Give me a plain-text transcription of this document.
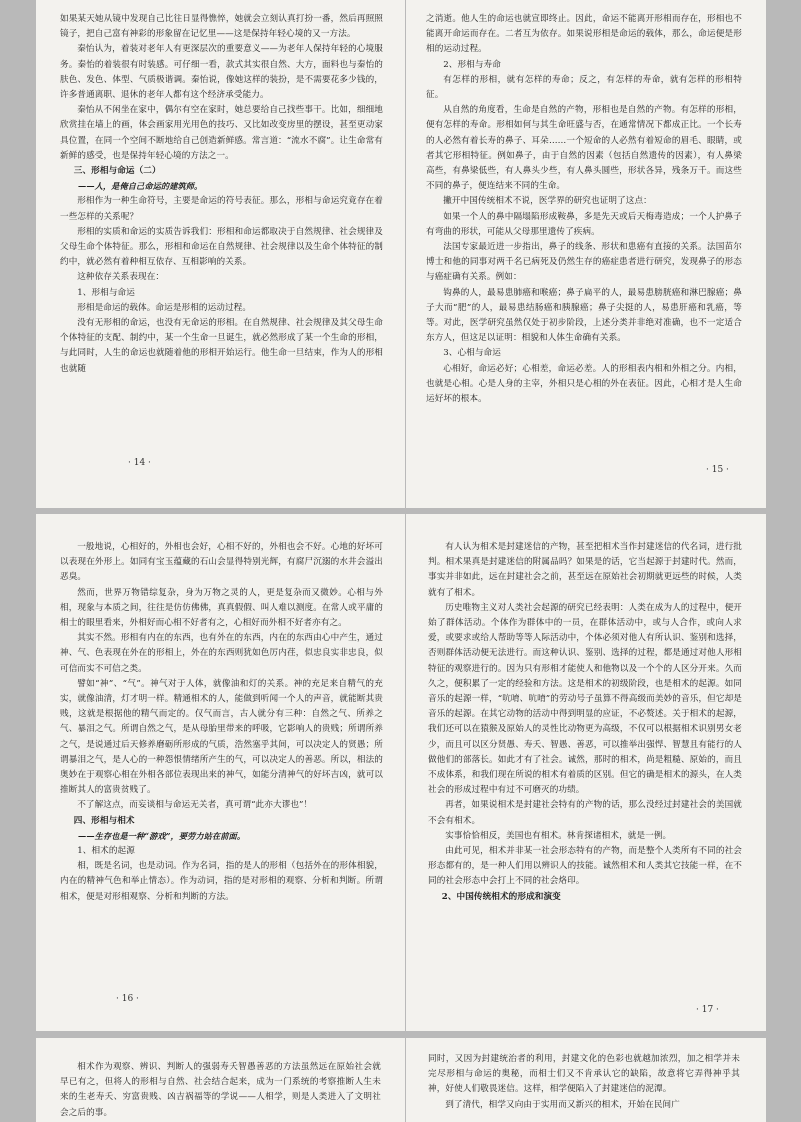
如果某天她从镜中发现自己比往日显得憔悴，她就会立刻认真打扮一番，然后再照照镜子，把自己富有神彩的形象留在记忆里——这是保持年轻心境的又一方法。

秦怡认为，着装对老年人有更深层次的重要意义——为老年人保持年轻的心境服务。秦怡的着装很有时装感。可仔细一看，款式其实很自然、大方，面料也与秦怡的肤色、发色、体型、气质极谐调。秦怡说，像她这样的装扮，是不需要花多少钱的，许多普通离职、退休的老年人都有这个经济承受能力。

秦怡从不闲坐在家中，偶尔有空在家时，她总要给自己找些事干。比如，细细地欣赏挂在墙上的画，体会画家用光用色的技巧、又比如改变房里的摆设，甚至更动家具位置，在同一个空间不断地给自己创造新鲜感。常言道：“流水不腐”。让生命常有新鲜的感受，也是保持年轻心境的方法之一。

三、形相与命运（二）

——人，是俺自己命运的建筑师。

形相作为一种生命符号，主要是命运的符号表征。那么，形相与命运究竟存在着一些怎样的关系呢？

形相的实质和命运的实质告诉我们：形相和命运都取决于自然规律、社会规律及父母生命个体特征。那么，形相和命运在自然规律、社会规律以及生命个体特征的制约中，就必然有着种相互依存、互相影响的关系。

这种依存关系表现在：

1、形相与命运

形相是命运的载体。命运是形相的运动过程。

没有无形相的命运，也没有无命运的形相。在自然规律、社会规律及其父母生命个体特征的支配、制约中，某一个生命一旦诞生，就必然形成了某一个生命的形相，与此同时，人生的命运也就随着他的形相开始运行。他生命一旦结束，作为人的形相也就随

· 14 ·

之消逝。他人生的命运也就宣即终止。因此，命运不能离开形相而存在，形相也不能离开命运而存在。二者互为依存。如果说形相是命运的载体，那么，命运便是形相的运动过程。

2、形相与寿命

有怎样的形相，就有怎样的寿命；反之，有怎样的寿命，就有怎样的形相特征。

从自然的角度看，生命是自然的产物，形相也是自然的产物。有怎样的形相，便有怎样的寿命。形相如何与其生命旺盛与否，在通常情况下都成正比。一个长寿的人必然有着长寿的鼻子、耳朵……一个短命的人必然有着短命的眉毛、眼睛，或者其它形相特征。例如鼻子，由于自然的因素（包括自然遗传的因素），有人鼻梁高些，有鼻梁低些，有人鼻头少些，有人鼻头圆些，形状各异，残条万千。而这些不同的鼻子，便连结来不同的生命。

撇开中国传统相术不说，医学界的研究也证明了这点：

如果一个人的鼻中隔塌陷形成鞍鼻，多是先天或后天梅毒造成；一个人护鼻子有弯曲的形状，可能从父母那里遗传了疾病。

法国专家最近进一步指出，鼻子的线条、形状和患癌有直接的关系。法国苗尔博士和他的同事对两千名已病死及仍然生存的癌症患者进行研究，发现鼻子的形态与癌症确有关系。例如：

钩鼻的人，最易患肺癌和喉癌；鼻子扁平的人，最易患膀胱癌和淋巴腺癌；鼻子大而“肥”的人，最易患结肠癌和胰腺癌；鼻子尖挺的人，易患肝癌和乳癌，等等。对此，医学研究虽然仅处于初步阶段，上述分类并非绝对准确，也不一定适合东方人，但这足以证明：相貌和人体生命确有关系。

3、心相与命运

心相好，命运必好；心相差，命运必差。人的形相表内相和外相之分。内相，也就是心相。心是人身的主宰，外相只是心相的外在表征。因此，心相才是人生命运好坏的根本。

· 15 ·

一般地说，心相好的，外相也会好，心相不好的，外相也会不好。心地的好坏可以表现在外形上。如同有宝玉蕴藏的石山会显得特别光辉，有腐尸沉溺的水井会溢出恶臭。

然而，世界万物错综复杂，身为万物之灵的人，更是复杂而又微妙。心相与外相，现象与本质之间，往往是仿仿佛佛，真真假假、叫人难以测度。在常人或平庸的相士的眼里看来，外相好而心相不好者有之，心相好而外相不好者亦有之。

其实不然。形相有内在的东西，也有外在的东西，内在的东西由心中产生，通过神、气、色表现在外在的形相上，外在的东西则犹如色厉内荏，似忠良实非忠良，似可信而实不可信之类。

譬如“神”、“气”。神气对于人体，就像油和灯的关系。神的充足来自精气的充实，就像油清，灯才明一样。精通相术的人，能做到听闻一个人的声音，就能断其贵贱，这就是根据他的精气而定的。仅气而言，古人就分有三种：自然之气、所养之气、暴泪之气。所谓自然之气，是从母胎里带来的呼吸，它影响人的贵贱；所谓所养之气，是说通过后天修养磨砺所形成的气质，浩然塞乎其间，可以决定人的贤愚；所谓暴泪之气，是人心的一种怨恨情绪所产生的气，可以决定人的善恶。所以，相法的奥妙在于观察心相在外相各部位表现出来的神气，如能分清神气的好坏吉凶，就可以推断其人的富贵贫贱了。

不了解这点，而妄谈相与命运无关者，真可谓“此亦大谬也”！

四、形相与相术

——生存也是一种“游戏”，要劳力站在前面。

1、相术的起源

相，既是名词，也是动词。作为名词，指的是人的形相（包括外在的形体相貌，内在的精神气色和举止情态）。作为动词，指的是对形相的观察、分析和判断。所谓相术，便是对形相观察、分析和判断的方法。

· 16 ·

有人认为相术是封建迷信的产物，甚至把相术当作封建迷信的代名词，进行批判。相术果真是封建迷信的附属品吗？如果是的话，它当起源于封建时代。然而，事实并非如此，远在封建社会之前，甚至远在原始社会初期就更远些的时候，人类就有了相术。

历史唯物主义对人类社会起源的研究已经表明：人类在成为人的过程中，便开始了群体活动。个体作为群体中的一员，在群体活动中，或与人合作，或向人求爱，或要求或给人帮助等等人际活动中，个体必须对他人有所认识、鉴别和选择，否则群体活动便无法进行。而这种认识、鉴别、选择的过程，都是通过对他人形相特征的观察进行的。因为只有形相才能使人和他物以及一个个的人区分开来。久而久之，便积累了一定的经验和方法。这是相术的初级阶段，也是相术的起源。如同音乐的起源一样，“吭唷、吭唷”的劳动号子虽算不得高级而美妙的音乐，但它却是音乐的起源。在其它动物的活动中得到明显的应证，不必赘述。关于相术的起源，我们还可以在猿猴及原始人的灵性比动物更为高级，不仅可以根据相术识别男女老少，而且可以区分贤愚、寿夭、智愚、善恶，可以推举出强悍、智慧且有能行的人做他们的部落长。如此才有了社会。诚然，那时的相术，尚是粗糙、原始的，而且不成体系，和我们现在所说的相术有着质的区别。但它的确是相术的源头，在人类社会的形成过程中有过不可磨灭的功绩。

再者，如果说相术是封建社会特有的产物的话，那么没经过封建社会的美国就不会有相术。

实事恰恰相反，美国也有相术。林肯探诸相术，就是一例。

由此可见，相术并非某一社会形态特有的产物，而是整个人类所有不同的社会形态都有的，是一种人们用以辨识人的技能。诚然相术和人类其它技能一样，在不同的社会形态中会打上不同的社会烙印。

2、中国传统相术的形成和演变

· 17 ·

相术作为观察、辨识、判断人的强弱寿夭智愚善恶的方法虽然远在原始社会就早已有之，但将人的形相与自然、社会结合起来，成为一门系统的考察推断人生未来的生老寿夭、穷富贵贱、凶吉祸福等的学说——人相学，则是人类进入了文明社会之后的事。

同时，又因为封建统治者的利用，封建文化的色彩也就越加浓烈，加之相学并未完尽形相与命运的奥秘，而相士们又不肯承认它的缺陷，故意将它弄得神乎其神，好使人们敬畏迷信。这样，相学便陷入了封建迷信的泥潭。

到了清代，相学又向由于实用而又新兴的相术，开始在民间广
